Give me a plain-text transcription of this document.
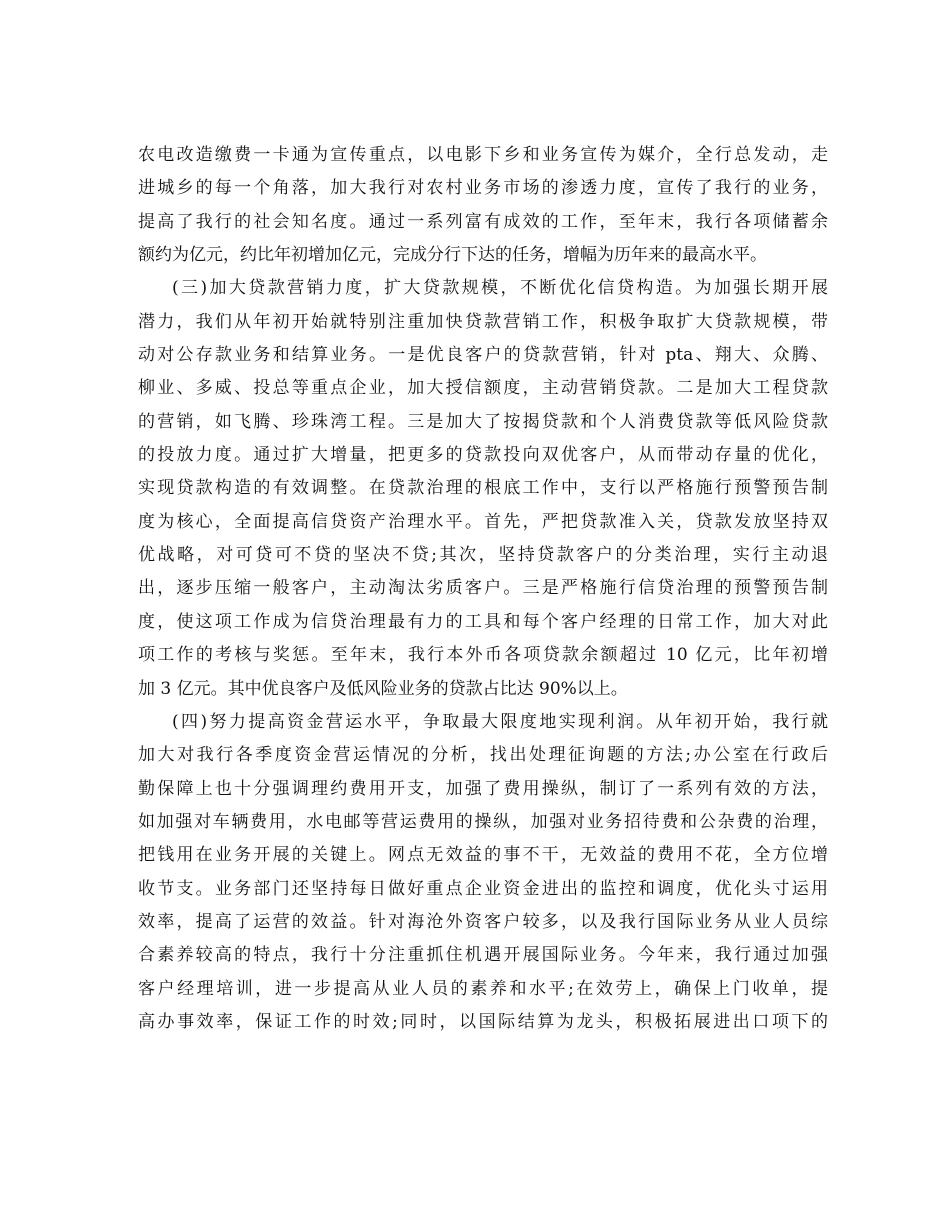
农电改造缴费一卡通为宣传重点，以电影下乡和业务宣传为媒介，全行总发动，走
进城乡的每一个角落，加大我行对农村业务市场的渗透力度，宣传了我行的业务，
提高了我行的社会知名度。通过一系列富有成效的工作，至年末，我行各项储蓄余
额约为亿元，约比年初增加亿元，完成分行下达的任务，增幅为历年来的最高水平。
(三)加大贷款营销力度，扩大贷款规模，不断优化信贷构造。为加强长期开展
潜力，我们从年初开始就特别注重加快贷款营销工作，积极争取扩大贷款规模，带
动对公存款业务和结算业务。一是优良客户的贷款营销，针对 pta、翔大、众腾、
柳业、多威、投总等重点企业，加大授信额度，主动营销贷款。二是加大工程贷款
的营销，如飞腾、珍珠湾工程。三是加大了按揭贷款和个人消费贷款等低风险贷款
的投放力度。通过扩大增量，把更多的贷款投向双优客户，从而带动存量的优化，
实现贷款构造的有效调整。在贷款治理的根底工作中，支行以严格施行预警预告制
度为核心，全面提高信贷资产治理水平。首先，严把贷款准入关，贷款发放坚持双
优战略，对可贷可不贷的坚决不贷;其次，坚持贷款客户的分类治理，实行主动退
出，逐步压缩一般客户，主动淘汰劣质客户。三是严格施行信贷治理的预警预告制
度，使这项工作成为信贷治理最有力的工具和每个客户经理的日常工作，加大对此
项工作的考核与奖惩。至年末，我行本外币各项贷款余额超过 10 亿元，比年初增
加 3 亿元。其中优良客户及低风险业务的贷款占比达 90%以上。
(四)努力提高资金营运水平，争取最大限度地实现利润。从年初开始，我行就
加大对我行各季度资金营运情况的分析，找出处理征询题的方法;办公室在行政后
勤保障上也十分强调理约费用开支，加强了费用操纵，制订了一系列有效的方法，
如加强对车辆费用，水电邮等营运费用的操纵，加强对业务招待费和公杂费的治理，
把钱用在业务开展的关键上。网点无效益的事不干，无效益的费用不花，全方位增
收节支。业务部门还坚持每日做好重点企业资金进出的监控和调度，优化头寸运用
效率，提高了运营的效益。针对海沧外资客户较多，以及我行国际业务从业人员综
合素养较高的特点，我行十分注重抓住机遇开展国际业务。今年来，我行通过加强
客户经理培训，进一步提高从业人员的素养和水平;在效劳上，确保上门收单，提
高办事效率，保证工作的时效;同时，以国际结算为龙头，积极拓展进出口项下的
